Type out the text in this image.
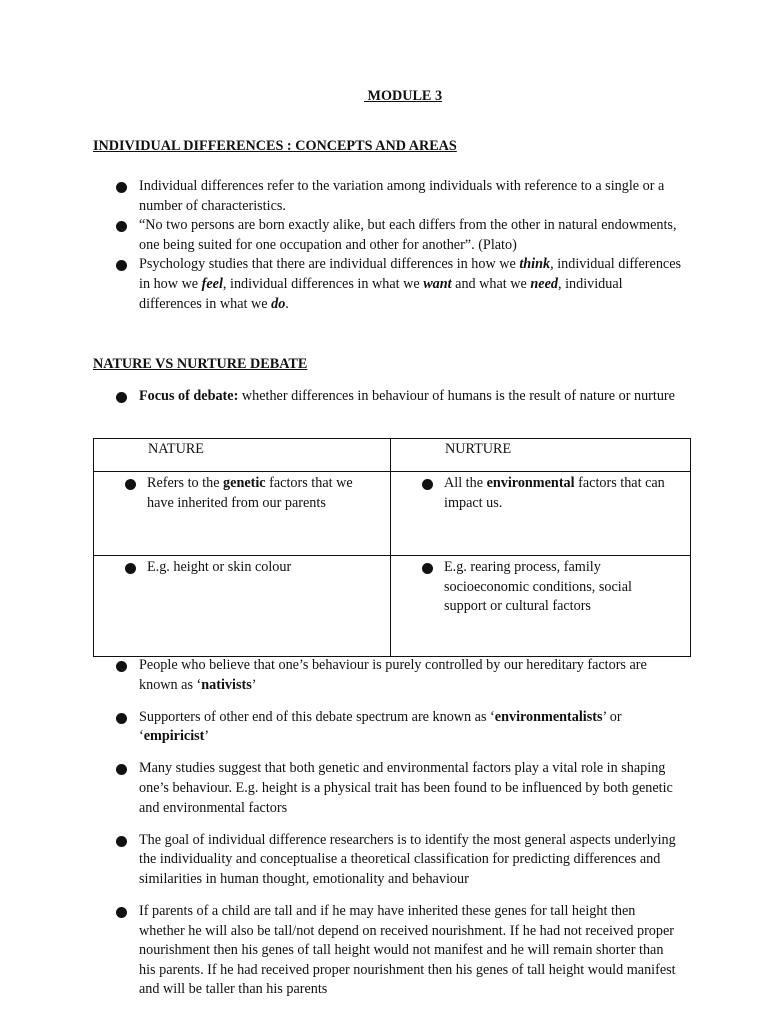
MODULE 3
INDIVIDUAL DIFFERENCES : CONCEPTS AND AREAS
Individual differences refer to the variation among individuals with reference to a single or a number of characteristics.
“No two persons are born exactly alike, but each differs from the other in natural endowments, one being suited for one occupation and other for another”. (Plato)
Psychology studies that there are individual differences in how we think, individual differences in how we feel, individual differences in what we want and what we need, individual differences in what we do.
NATURE VS NURTURE DEBATE
Focus of debate: whether differences in behaviour of humans is the result of nature or nurture
NATURE	NURTURE

Refers to the genetic factors that we have inherited from our parents	All the environmental factors that can impact us.

E.g. height or skin colour	E.g. rearing process, family socioeconomic conditions, social support or cultural factors
People who believe that one’s behaviour is purely controlled by our hereditary factors are known as ‘nativists’
Supporters of other end of this debate spectrum are known as ‘environmentalists’ or ‘empiricist’
Many studies suggest that both genetic and environmental factors play a vital role in shaping one’s behaviour. E.g. height is a physical trait has been found to be influenced by both genetic and environmental factors
The goal of individual difference researchers is to identify the most general aspects underlying the individuality and conceptualise a theoretical classification for predicting differences and similarities in human thought, emotionality and behaviour
If parents of a child are tall and if he may have inherited these genes for tall height then whether he will also be tall/not depend on received nourishment. If he had not received proper nourishment then his genes of tall height would not manifest and he will remain shorter than his parents. If he had received proper nourishment then his genes of tall height would manifest and will be taller than his parents
